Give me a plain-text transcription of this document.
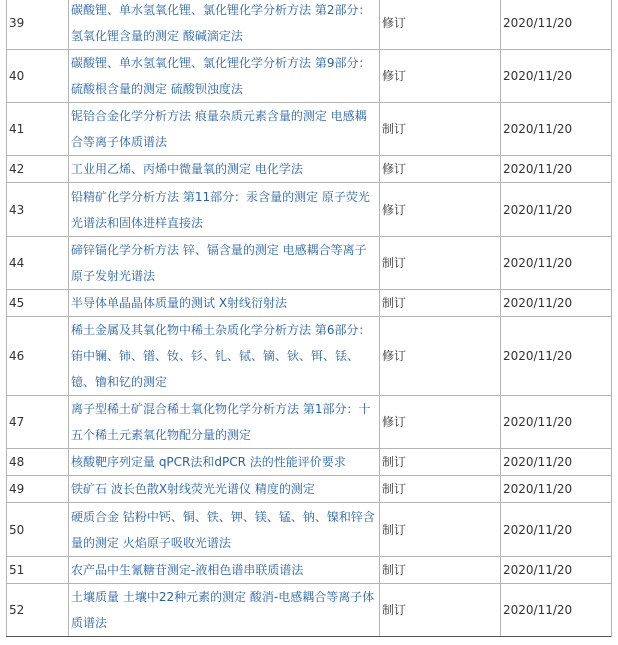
39	碳酸锂、单水氢氧化锂、氯化锂化学分析方法 第2部分：氢氧化锂含量的测定 酸碱滴定法	修订	2020/11/20
40	碳酸锂、单水氢氧化锂、氯化锂化学分析方法 第9部分：硫酸根含量的测定 硫酸钡浊度法	修订	2020/11/20
41	铌铪合金化学分析方法 痕量杂质元素含量的测定 电感耦合等离子体质谱法	制订	2020/11/20
42	工业用乙烯、丙烯中微量氧的测定 电化学法	修订	2020/11/20
43	铅精矿化学分析方法 第11部分：汞含量的测定 原子荧光光谱法和固体进样直接法	修订	2020/11/20
44	碲锌镉化学分析方法 锌、镉含量的测定 电感耦合等离子原子发射光谱法	制订	2020/11/20
45	半导体单晶晶体质量的测试 X射线衍射法	制订	2020/11/20
46	稀土金属及其氧化物中稀土杂质化学分析方法 第6部分： 铕中镧、铈、镨、钕、钐、钆、铽、镝、钬、铒、铥、镱、镥和钇的测定	修订	2020/11/20
47	离子型稀土矿混合稀土氧化物化学分析方法 第1部分：十五个稀土元素氧化物配分量的测定	修订	2020/11/20
48	核酸靶序列定量 qPCR法和dPCR 法的性能评价要求	制订	2020/11/20
49	铁矿石 波长色散X射线荧光光谱仪 精度的测定	制订	2020/11/20
50	硬质合金 钴粉中钙、铜、铁、钾、镁、锰、钠、镍和锌含量的测定 火焰原子吸收光谱法	制订	2020/11/20
51	农产品中生氰糖苷测定-液相色谱串联质谱法	制订	2020/11/20
52	土壤质量 土壤中22种元素的测定 酸消-电感耦合等离子体质谱法	制订	2020/11/20
